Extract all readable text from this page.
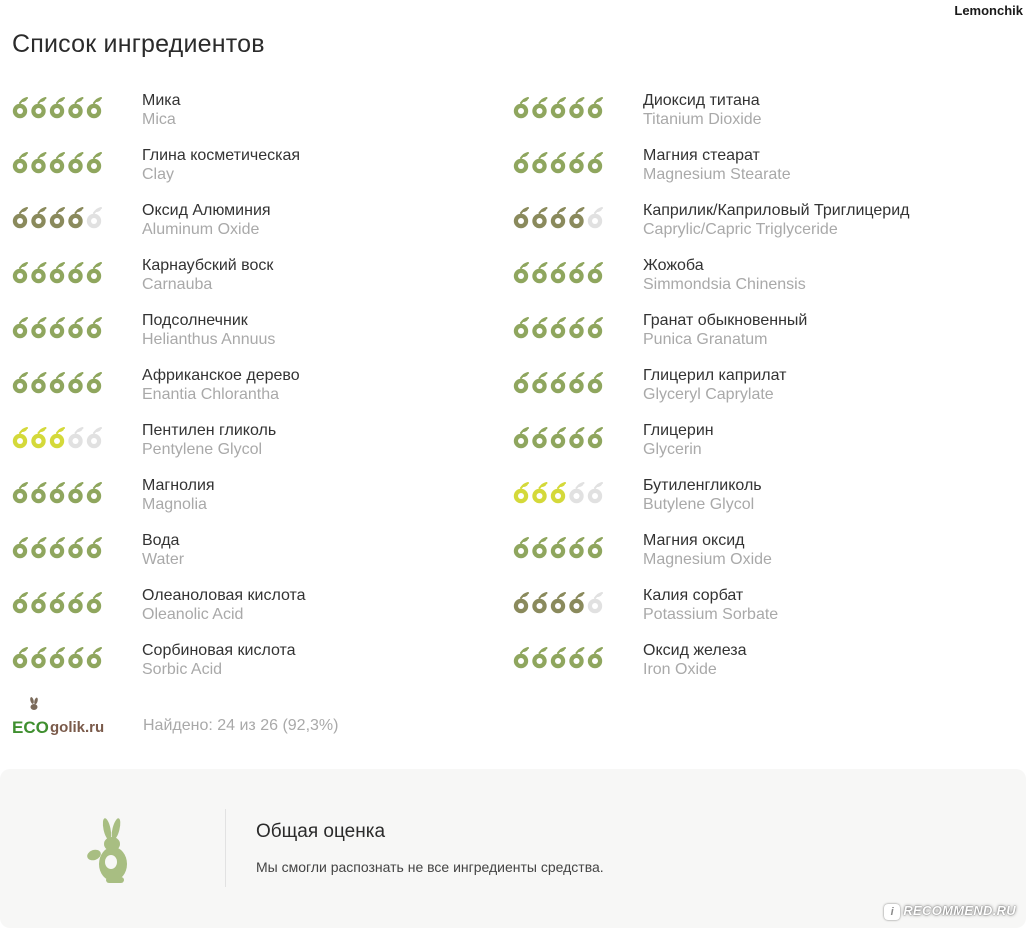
Lemonchik
Список ингредиентов
Мика
Mica
Глина косметическая
Clay
Оксид Алюминия
Aluminum Oxide
Карнаубский воск
Carnauba
Подсолнечник
Helianthus Annuus
Африканское дерево
Enantia Chlorantha
Пентилен гликоль
Pentylene Glycol
Магнолия
Magnolia
Вода
Water
Олеаноловая кислота
Oleanolic Acid
Сорбиновая кислота
Sorbic Acid
Диоксид титана
Titanium Dioxide
Магния стеарат
Magnesium Stearate
Каприлик/Каприловый Триглицерид
Caprylic/Capric Triglyceride
Жожоба
Simmondsia Chinensis
Гранат обыкновенный
Punica Granatum
Глицерил каприлат
Glyceryl Caprylate
Глицерин
Glycerin
Бутиленгликоль
Butylene Glycol
Магния оксид
Magnesium Oxide
Калия сорбат
Potassium Sorbate
Оксид железа
Iron Oxide
ECO golik.ru Найдено: 24 из 26 (92,3%)
Общая оценка
Мы смогли распознать не все ингредиенты средства.
i RECOMMEND.RU
